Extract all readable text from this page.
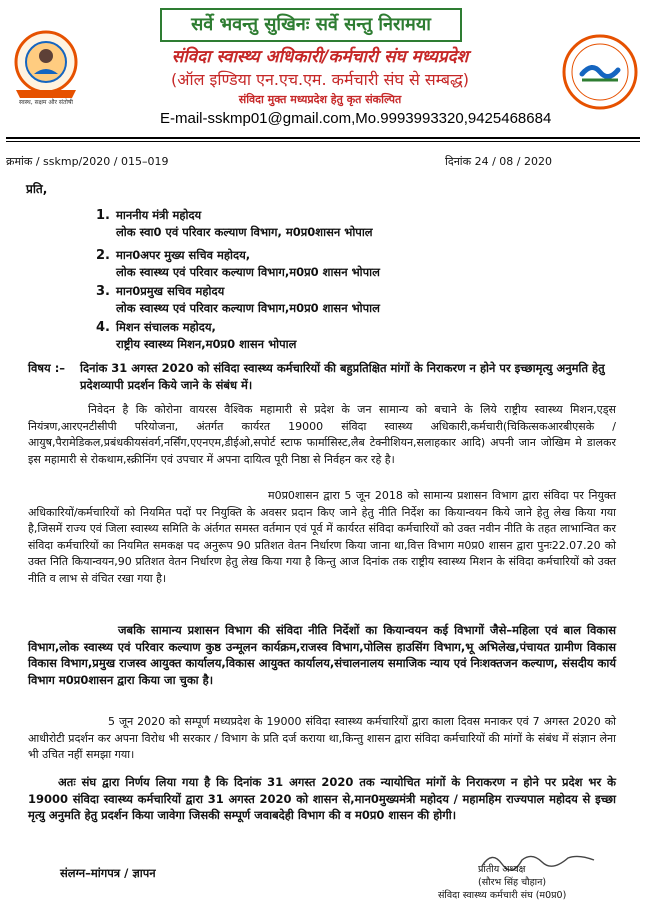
स्वस्थ, सक्षम और संतोषी
सर्वे भवन्तु सुखिनः सर्वे सन्तु निरामया
संविदा स्वास्थ्य अधिकारी/कर्मचारी संघ मध्यप्रदेश
(ऑल इण्डिया एन.एच.एम. कर्मचारी संघ से सम्बद्ध)
संविदा मुक्त मध्यप्रदेश हेतु कृत संकल्पित
E-mail-sskmp01@gmail.com,Mo.9993993320,9425468684
क्रमांक / sskmp/2020 / 015–019	दिनांक 24 / 08 / 2020
प्रति,
1. माननीय मंत्री महोदय
लोक स्वा0 एवं परिवार कल्याण विभाग, म0प्र0शासन भोपाल
2. मान0अपर मुख्य सचिव महोदय,
लोक स्वास्थ्य एवं परिवार कल्याण विभाग,म0प्र0 शासन भोपाल
3. मान0प्रमुख सचिव महोदय
लोक स्वास्थ्य एवं परिवार कल्याण विभाग,म0प्र0 शासन भोपाल
4. मिशन संचालक महोदय,
राष्ट्रीय स्वास्थ्य मिशन,म0प्र0 शासन भोपाल
विषय :– दिनांक 31 अगस्त 2020 को संविदा स्वास्थ्य कर्मचारियों की बहुप्रतिक्षित मांगों के निराकरण न होने पर इच्छामृत्यु अनुमति हेतु प्रदेशव्यापी प्रदर्शन किये जाने के संबंध में।
निवेदन है कि कोरोना वायरस वैश्विक महामारी से प्रदेश के जन सामान्य को बचाने के लिये राष्ट्रीय स्वास्थ्य मिशन,एड्स नियंत्रण,आरएनटीसीपी परियोजना, अंतर्गत कार्यरत 19000 संविदा स्वास्थ्य अधिकारी,कर्मचारी(चिकित्सकआरबीएसके / आयुष,पैरामेडिकल,प्रबंधकीयसंवर्ग,नर्सिंग,एएनएम,डीईओ,सपोर्ट स्टाफ फार्मासिस्ट,लैब टेक्नीशियन,सलाहकार आदि) अपनी जान जोखिम मे डालकर इस महामारी से रोकथाम,स्क्रीनिंग एवं उपचार में अपना दायित्व पूरी निष्ठा से निर्वहन कर रहे है।
म0प्र0शासन द्वारा 5 जून 2018 को सामान्य प्रशासन विभाग द्वारा संविदा पर नियुक्त अधिकारियों/कर्मचारियों को नियमित पदों पर नियुक्ति के अवसर प्रदान किए जाने हेतु नीति निर्देश का कियान्वयन किये जाने हेतु लेख किया गया है,जिसमें राज्य एवं जिला स्वास्थ्य समिति के अंर्तगत समस्त वर्तमान एवं पूर्व में कार्यरत संविदा कर्मचारियों को उक्त नवीन नीति के तहत लाभान्वित कर संविदा कर्मचारियों का नियमित समकक्ष पद अनुरूप 90 प्रतिशत वेतन निर्धारण किया जाना था,वित्त विभाग म0प्र0 शासन द्वारा पुनः22.07.20 को उक्त निति कियान्वयन,90 प्रतिशत वेतन निर्धारण हेतु लेख किया गया है किन्तु आज दिनांक तक राष्ट्रीय स्वास्थ्य मिशन के संविदा कर्मचारियों को उक्त नीति व लाभ से वंचित रखा गया है।
जबकि सामान्य प्रशासन विभाग की संविदा नीति निर्देशों का कियान्वयन कई विभागों जैसे–महिला एवं बाल विकास विभाग,लोक स्वास्थ्य एवं परिवार कल्याण कुष्ठ उन्मूलन कार्यक्रम,राजस्व विभाग,पोलिस हाउसिंग विभाग,भू अभिलेख,पंचायत ग्रामीण विकास विकास विभाग,प्रमुख राजस्व आयुक्त कार्यालय,विकास आयुक्त कार्यालय,संचालनालय समाजिक न्याय एवं निःशक्तजन कल्याण, संसदीय कार्य विभाग म0प्र0शासन द्वारा किया जा चुका है।
5 जून 2020 को सम्पूर्ण मध्यप्रदेश के 19000 संविदा स्वास्थ्य कर्मचारियों द्वारा काला दिवस मनाकर एवं 7 अगस्त 2020 को आधीरोटी प्रदर्शन कर अपना विरोध भी सरकार / विभाग के प्रति दर्ज कराया था,किन्तु शासन द्वारा संविदा कर्मचारियों की मांगों के संबंध में संज्ञान लेना भी उचित नहीं समझा गया।
अतः संघ द्वारा निर्णय लिया गया है कि दिनांक 31 अगस्त 2020 तक न्यायोचित मांगों के निराकरण न होने पर प्रदेश भर के 19000 संविदा स्वास्थ्य कर्मचारियों द्वारा 31 अगस्त 2020 को शासन से,मान0मुख्यमंत्री महोदय / महामहिम राज्यपाल महोदय से इच्छा मृत्यु अनुमति हेतु प्रदर्शन किया जावेगा जिसकी सम्पूर्ण जवाबदेही विभाग की व म0प्र0 शासन की होगी।
संलग्न–मांगपत्र / ज्ञापन	प्रांतीय अध्यक्ष
(सौरभ सिंह चौहान)
संविदा स्वास्थ्य कर्मचारी संघ (म0प्र0)
